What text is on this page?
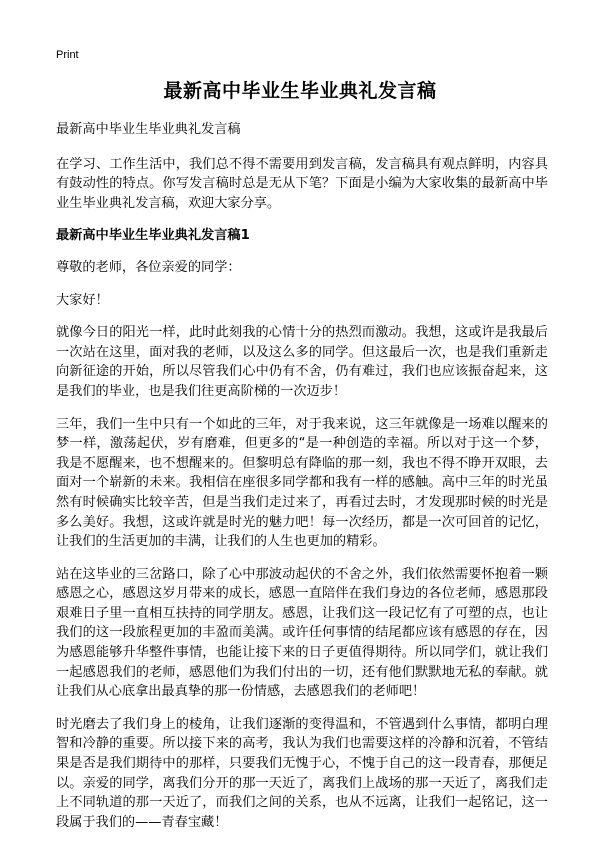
Print
最新高中毕业生毕业典礼发言稿

最新高中毕业生毕业典礼发言稿

在学习、工作生活中，我们总不得不需要用到发言稿，发言稿具有观点鲜明，内容具有鼓动性的特点。你写发言稿时总是无从下笔？下面是小编为大家收集的最新高中毕业生毕业典礼发言稿，欢迎大家分享。

最新高中毕业生毕业典礼发言稿1

尊敬的老师，各位亲爱的同学：

大家好！

就像今日的阳光一样，此时此刻我的心情十分的热烈而激动。我想，这或许是我最后一次站在这里，面对我的老师，以及这么多的同学。但这最后一次，也是我们重新走向新征途的开始，所以尽管我们心中仍有不舍，仍有难过，我们也应该振奋起来，这是我们的毕业，也是我们往更高阶梯的一次迈步！

三年，我们一生中只有一个如此的三年，对于我来说，这三年就像是一场难以醒来的梦一样，激荡起伏，岁有磨难，但更多的“是一种创造的幸福。所以对于这一个梦，我是不愿醒来，也不想醒来的。但黎明总有降临的那一刻，我也不得不睁开双眼，去面对一个崭新的未来。我相信在座很多同学都和我有一样的感触。高中三年的时光虽然有时候确实比较辛苦，但是当我们走过来了，再看过去时，才发现那时候的时光是多么美好。我想，这或许就是时光的魅力吧！每一次经历，都是一次可回首的记忆，让我们的生活更加的丰满，让我们的人生也更加的精彩。

站在这毕业的三岔路口，除了心中那波动起伏的不舍之外，我们依然需要怀抱着一颗感恩之心，感恩这岁月带来的成长，感恩一直陪伴在我们身边的各位老师，感恩那段艰难日子里一直相互扶持的同学朋友。感恩，让我们这一段记忆有了可塑的点，也让我们的这一段旅程更加的丰盈而美满。或许任何事情的结尾都应该有感恩的存在，因为感恩能够升华整件事情，也能让接下来的日子更值得期待。所以同学们，就让我们一起感恩我们的老师，感恩他们为我们付出的一切，还有他们默默地无私的奉献。就让我们从心底拿出最真挚的那一份情感，去感恩我们的老师吧！

时光磨去了我们身上的棱角，让我们逐渐的变得温和，不管遇到什么事情，都明白理智和冷静的重要。所以接下来的高考，我认为我们也需要这样的冷静和沉着，不管结果是否是我们期待中的那样，只要我们无愧于心，不愧于自己的这一段青春，那便足以。亲爱的同学，离我们分开的那一天近了，离我们上战场的那一天近了，离我们走上不同轨道的那一天近了，而我们之间的关系，也从不远离，让我们一起铭记，这一段属于我们的——青春宝藏！
